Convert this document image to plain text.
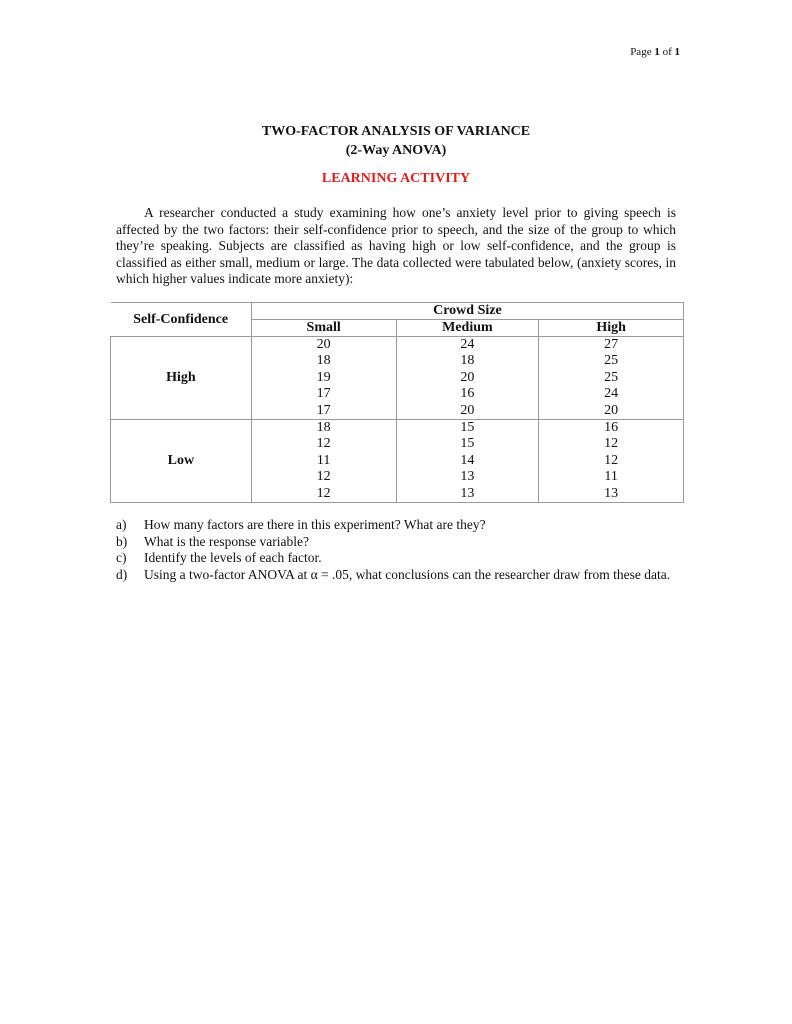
Page 1 of 1
TWO-FACTOR ANALYSIS OF VARIANCE
(2-Way ANOVA)
LEARNING ACTIVITY

A researcher conducted a study examining how one’s anxiety level prior to giving speech is affected by the two factors: their self-confidence prior to speech, and the size of the group to which they’re speaking. Subjects are classified as having high or low self-confidence, and the group is classified as either small, medium or large. The data collected were tabulated below, (anxiety scores, in which higher values indicate more anxiety):

Self-Confidence	Crowd Size		
	Small	Medium	High
High	20	24	27
	18	18	25
	19	20	25
	17	16	24
	17	20	20
Low	18	15	16
	12	15	12
	11	14	12
	12	13	11
	12	13	13
a)	How many factors are there in this experiment? What are they?
b)	What is the response variable?
c)	Identify the levels of each factor.
d)	Using a two-factor ANOVA at α = .05, what conclusions can the researcher draw from these data.
